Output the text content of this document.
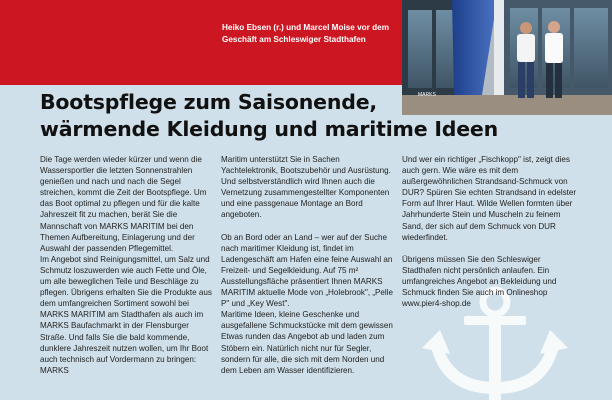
Heiko Ebsen (r.) und Marcel Moise vor dem
Geschäft am Schleswiger Stadthafen
MARKS
Bootspflege zum Saisonende,
wärmende Kleidung und maritime Ideen

Die Tage werden wieder kürzer und wenn die Wassersportler die letzten Sonnenstrahlen genießen und nach und nach die Segel streichen, kommt die Zeit der Bootspflege. Um das Boot optimal zu pflegen und für die kalte Jahreszeit fit zu machen, berät Sie die Mannschaft von MARKS MARITIM bei den Themen Aufbereitung, Einlagerung und der Auswahl der passenden Pflegemittel.

Im Angebot sind Reinigungsmittel, um Salz und Schmutz loszuwerden wie auch Fette und Öle, um alle beweglichen Teile und Beschläge zu pflegen. Übrigens erhalten Sie die Produkte aus dem umfangreichen Sortiment sowohl bei MARKS MARITIM am Stadthafen als auch im MARKS Baufachmarkt in der Flensburger Straße. Und falls Sie die bald kommende, dunklere Jahreszeit nutzen wollen, um Ihr Boot auch technisch auf Vordermann zu bringen: MARKS

Maritim unterstützt Sie in Sachen Yachtelektronik, Bootszubehör und Ausrüstung. Und selbstverständlich wird Ihnen auch die Vernetzung zusammengestellter Komponenten und eine passgenaue Montage an Bord angeboten.

Ob an Bord oder an Land – wer auf der Suche nach maritimer Kleidung ist, findet im Ladengeschäft am Hafen eine feine Auswahl an Freizeit- und Segelkleidung. Auf 75 m² Ausstellungsfläche präsentiert Ihnen MARKS MARITIM aktuelle Mode von „Holebrook", „Pelle P" und „Key West".

Maritime Ideen, kleine Geschenke und ausgefallene Schmuckstücke mit dem gewissen Etwas runden das Angebot ab und laden zum Stöbern ein. Natürlich nicht nur für Segler, sondern für alle, die sich mit dem Norden und dem Leben am Wasser identifizieren.

Und wer ein richtiger „Fischkopp" ist, zeigt dies auch gern. Wie wäre es mit dem außergewöhnlichen Strandsand-Schmuck von DUR? Spüren Sie echten Strandsand in edelster Form auf Ihrer Haut. Wilde Wellen formten über Jahrhunderte Stein und Muscheln zu feinem Sand, der sich auf dem Schmuck von DUR wiederfindet.

Übrigens müssen Sie den Schleswiger Stadthafen nicht persönlich anlaufen. Ein umfangreiches Angebot an Bekleidung und Schmuck finden Sie auch im Onlineshop www.pier4-shop.de
